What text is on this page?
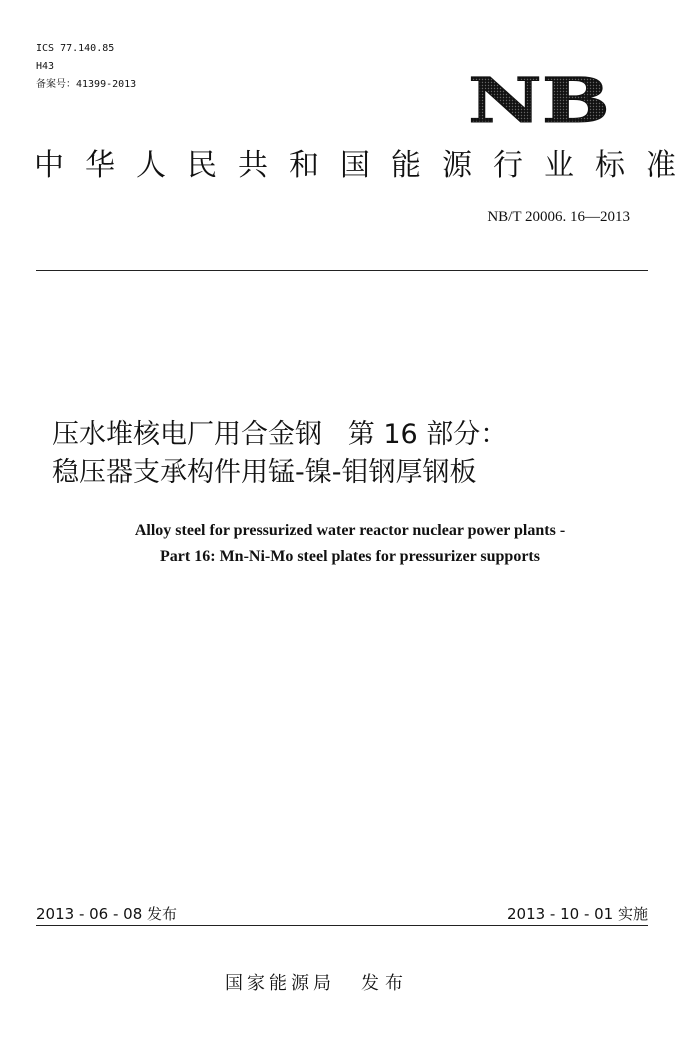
ICS 77.140.85
H43
备案号：41399-2013	NB
中华人民共和国能源行业标准
NB/T 20006. 16—2013
压水堆核电厂用合金钢   第 16 部分：
稳压器支承构件用锰-镍-钼钢厚钢板
Alloy steel for pressurized water reactor nuclear power plants -
Part 16: Mn-Ni-Mo steel plates for pressurizer supports
2013 - 06 - 08 发布	2013 - 10 - 01 实施
国家能源局 发布
